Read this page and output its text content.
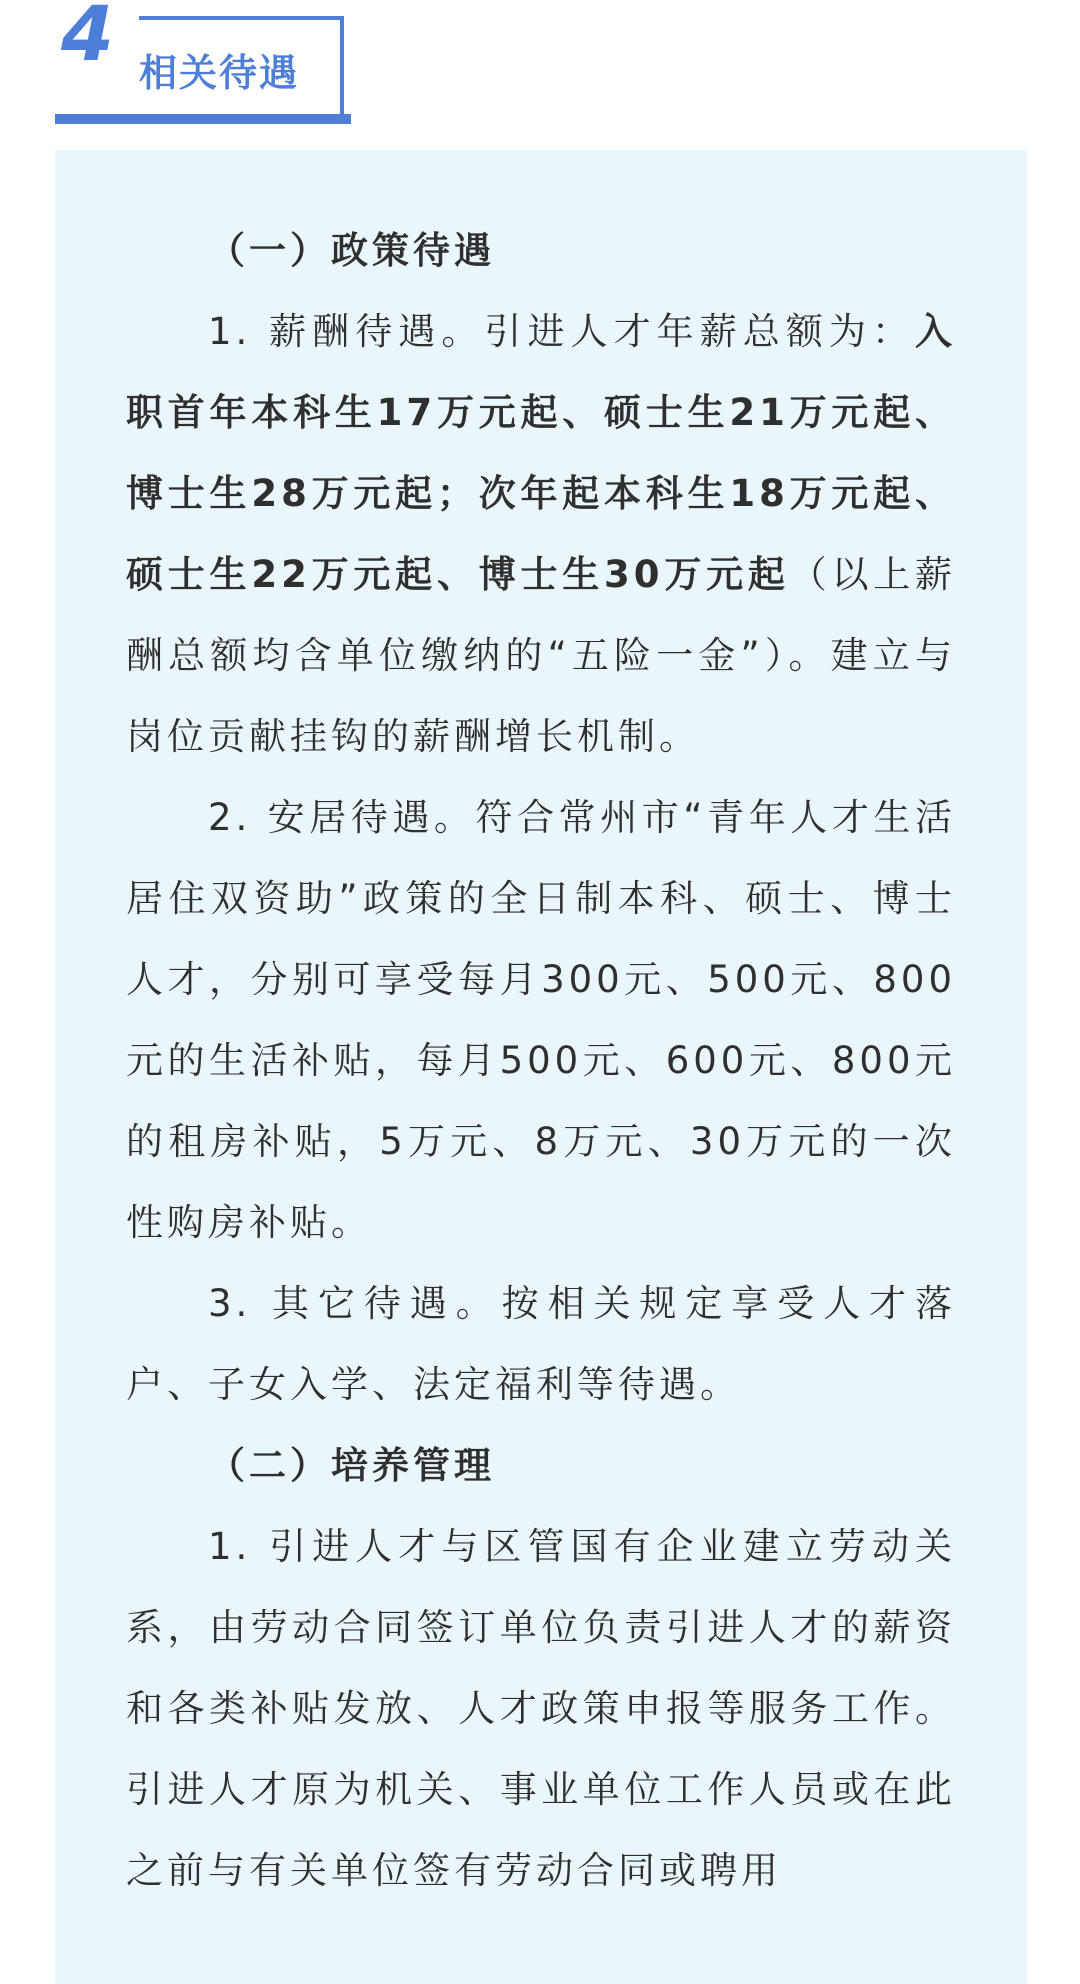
4 相关待遇

（一）政策待遇

1. 薪酬待遇。引进人才年薪总额为：入职首年本科生17万元起、硕士生21万元起、博士生28万元起；次年起本科生18万元起、硕士生22万元起、博士生30万元起（以上薪酬总额均含单位缴纳的“五险一金”）。建立与岗位贡献挂钩的薪酬增长机制。

2. 安居待遇。符合常州市“青年人才生活居住双资助”政策的全日制本科、硕士、博士人才，分别可享受每月300元、500元、800元的生活补贴，每月500元、600元、800元的租房补贴，5万元、8万元、30万元的一次性购房补贴。

3. 其它待遇。按相关规定享受人才落户、子女入学、法定福利等待遇。

（二）培养管理

1. 引进人才与区管国有企业建立劳动关系，由劳动合同签订单位负责引进人才的薪资和各类补贴发放、人才政策申报等服务工作。引进人才原为机关、事业单位工作人员或在此之前与有关单位签有劳动合同或聘用
